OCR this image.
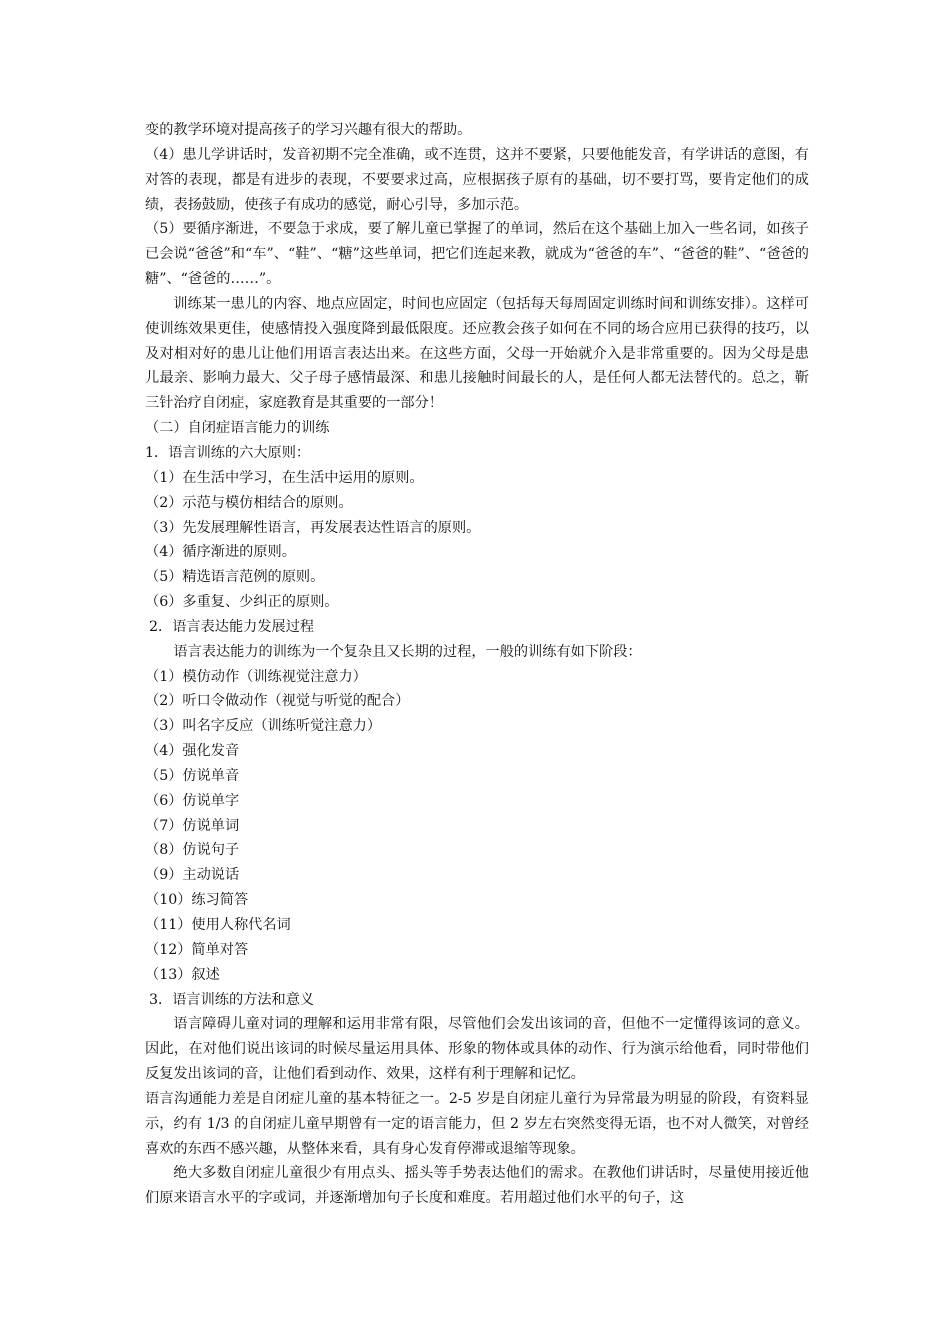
变的教学环境对提高孩子的学习兴趣有很大的帮助。

（4）患儿学讲话时，发音初期不完全准确，或不连贯，这并不要紧，只要他能发音，有学讲话的意图，有对答的表现，都是有进步的表现，不要要求过高，应根据孩子原有的基础，切不要打骂，要肯定他们的成绩，表扬鼓励，使孩子有成功的感觉，耐心引导，多加示范。

（5）要循序渐进，不要急于求成，要了解儿童已掌握了的单词，然后在这个基础上加入一些名词，如孩子已会说“爸爸”和“车”、“鞋”、“糖”这些单词，把它们连起来教，就成为“爸爸的车”、“爸爸的鞋”、“爸爸的糖”、“爸爸的……”。

训练某一患儿的内容、地点应固定，时间也应固定（包括每天每周固定训练时间和训练安排）。这样可使训练效果更佳，使感情投入强度降到最低限度。还应教会孩子如何在不同的场合应用已获得的技巧，以及对相对好的患儿让他们用语言表达出来。在这些方面，父母一开始就介入是非常重要的。因为父母是患儿最亲、影响力最大、父子母子感情最深、和患儿接触时间最长的人，是任何人都无法替代的。总之，靳三针治疗自闭症，家庭教育是其重要的一部分！

（二）自闭症语言能力的训练

1．语言训练的六大原则：

（1）在生活中学习，在生活中运用的原则。

（2）示范与模仿相结合的原则。

（3）先发展理解性语言，再发展表达性语言的原则。

（4）循序渐进的原则。

（5）精选语言范例的原则。

（6）多重复、少纠正的原则。

2．语言表达能力发展过程

语言表达能力的训练为一个复杂且又长期的过程，一般的训练有如下阶段：

（1）模仿动作（训练视觉注意力）

（2）听口令做动作（视觉与听觉的配合）

（3）叫名字反应（训练听觉注意力）

（4）强化发音

（5）仿说单音

（6）仿说单字

（7）仿说单词

（8）仿说句子

（9）主动说话

（10）练习简答

（11）使用人称代名词

（12）简单对答

（13）叙述

3．语言训练的方法和意义

语言障碍儿童对词的理解和运用非常有限，尽管他们会发出该词的音，但他不一定懂得该词的意义。因此，在对他们说出该词的时候尽量运用具体、形象的物体或具体的动作、行为演示给他看，同时带他们反复发出该词的音，让他们看到动作、效果，这样有利于理解和记忆。

语言沟通能力差是自闭症儿童的基本特征之一。2-5 岁是自闭症儿童行为异常最为明显的阶段，有资料显示，约有 1/3 的自闭症儿童早期曾有一定的语言能力，但 2 岁左右突然变得无语，也不对人微笑，对曾经喜欢的东西不感兴趣，从整体来看，具有身心发育停滞或退缩等现象。

绝大多数自闭症儿童很少有用点头、摇头等手势表达他们的需求。在教他们讲话时，尽量使用接近他们原来语言水平的字或词，并逐渐增加句子长度和难度。若用超过他们水平的句子，这
